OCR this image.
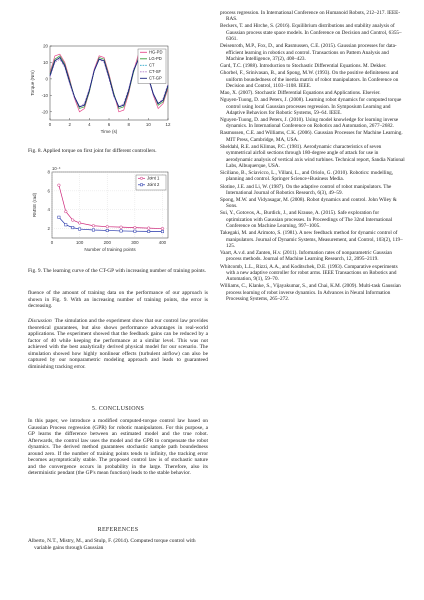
-20
-10
0
10
20
0	2	4	6	8	10	12
Time (s)
Torque (Nm)
HG-PD
LG-PD
CT
CT-SF
CT-GP
Fig. 8. Applied torque on first joint for different controllers.
2
4
6
8
0	100	200	300	400
10⁻³
Number of training points
RMSE (rad)
Joint 1
Joint 2
Fig. 9. The learning curve of the CT-GP with increasing number of training points.
fluence of the amount of training data on the performance of our approach is shown in Fig. 9. With an increasing number of training points, the error is decreasing.
Discussion The simulation and the experiment show that our control law provides theoretical guarantees, but also shows performance advantages in real-world applications. The experiment showed that the feedback gains can be reduced by a factor of 40 while keeping the performance at a similar level. This was not achieved with the best analytically derived physical model for our scenario. The simulation showed how highly nonlinear effects (turbulent airflow) can also be captured by our nonparametric modeling approach and leads to guaranteed diminishing tracking error.
5. CONCLUSIONS
In this paper, we introduce a modified computed-torque control law based on Gaussian Process regression (GPR) for robotic manipulators. For this purpose, a GP learns the difference between an estimated model and the true robot. Afterwards, the control law uses the model and the GPR to compensate the robot dynamics. The derived method guarantees stochastic sample path boundedness around zero. If the number of training points tends to infinity, the tracking error becomes asymptotically stable. The proposed control law is of stochastic nature and the convergence occurs in probability in the large. Therefore, also its deterministic pendant (the GP's mean function) leads to the stable behavior.
REFERENCES
Alberto, N.T., Mistry, M., and Stulp, F. (2014). Computed torque control with variable gains through Gaussian
process regression. In International Conference on Humanoid Robots, 212–217. IEEE-RAS.
Beckers, T. and Hirche, S. (2016). Equilibrium distributions and stability analysis of Gaussian process state space models. In Conference on Decision and Control, 6355–6361.
Deisenroth, M.P., Fox, D., and Rasmussen, C.E. (2015). Gaussian processes for data-efficient learning in robotics and control. Transactions on Pattern Analysis and Machine Intelligence, 37(2), 408–423.
Gard, T.C. (1988). Introduction to Stochastic Differential Equations. M. Dekker.
Ghorbel, F., Srinivasan, B., and Spong, M.W. (1993). On the positive definiteness and uniform boundedness of the inertia matrix of robot manipulators. In Conference on Decision and Control, 1103–1108. IEEE.
Mao, X. (2007). Stochastic Differential Equations and Applications. Elsevier.
Nguyen-Tuong, D. and Peters, J. (2008). Learning robot dynamics for computed torque control using local Gaussian processes regression. In Symposium Learning and Adaptive Behaviors for Robotic Systems, 59–64. IEEE.
Nguyen-Tuong, D. and Peters, J. (2010). Using model knowledge for learning inverse dynamics. In International Conference on Robotics and Automation, 2677–2682.
Rasmussen, C.E. and Williams, C.K. (2006). Gaussian Processes for Machine Learning. MIT Press, Cambridge, MA, USA.
Sheldahl, R.E. and Klimas, P.C. (1981). Aerodynamic characteristics of seven symmetrical airfoil sections through 180-degree angle of attack for use in aerodynamic analysis of vertical axis wind turbines. Technical report, Sandia National Labs, Albuquerque, USA.
Siciliano, B., Sciavicco, L., Villani, L., and Oriolo, G. (2010). Robotics: modelling, planning and control. Springer Science+Business Media.
Slotine, J.E. and Li, W. (1987). On the adaptive control of robot manipulators. The International Journal of Robotics Research, 6(3), 49–59.
Spong, M.W. and Vidyasagar, M. (2008). Robot dynamics and control. John Wiley & Sons.
Sui, Y., Gotovos, A., Burdick, J., and Krause, A. (2015). Safe exploration for optimization with Gaussian processes. In Proceedings of The 32nd International Conference on Machine Learning, 997–1005.
Takegaki, M. and Arimoto, S. (1981). A new feedback method for dynamic control of manipulators. Journal of Dynamic Systems, Measurement, and Control, 103(2), 119–125.
Vaart, A.v.d. and Zanten, H.v. (2011). Information rates of nonparametric Gaussian process methods. Journal of Machine Learning Research, 12, 2095–2119.
Whitcomb, L.L., Rizzi, A.A., and Koditschek, D.E. (1993). Comparative experiments with a new adaptive controller for robot arms. IEEE Transactions on Robotics and Automation, 9(1), 59–70.
Williams, C., Klanke, S., Vijayakumar, S., and Chai, K.M. (2009). Multi-task Gaussian process learning of robot inverse dynamics. In Advances in Neural Information Processing Systems, 265–272.
